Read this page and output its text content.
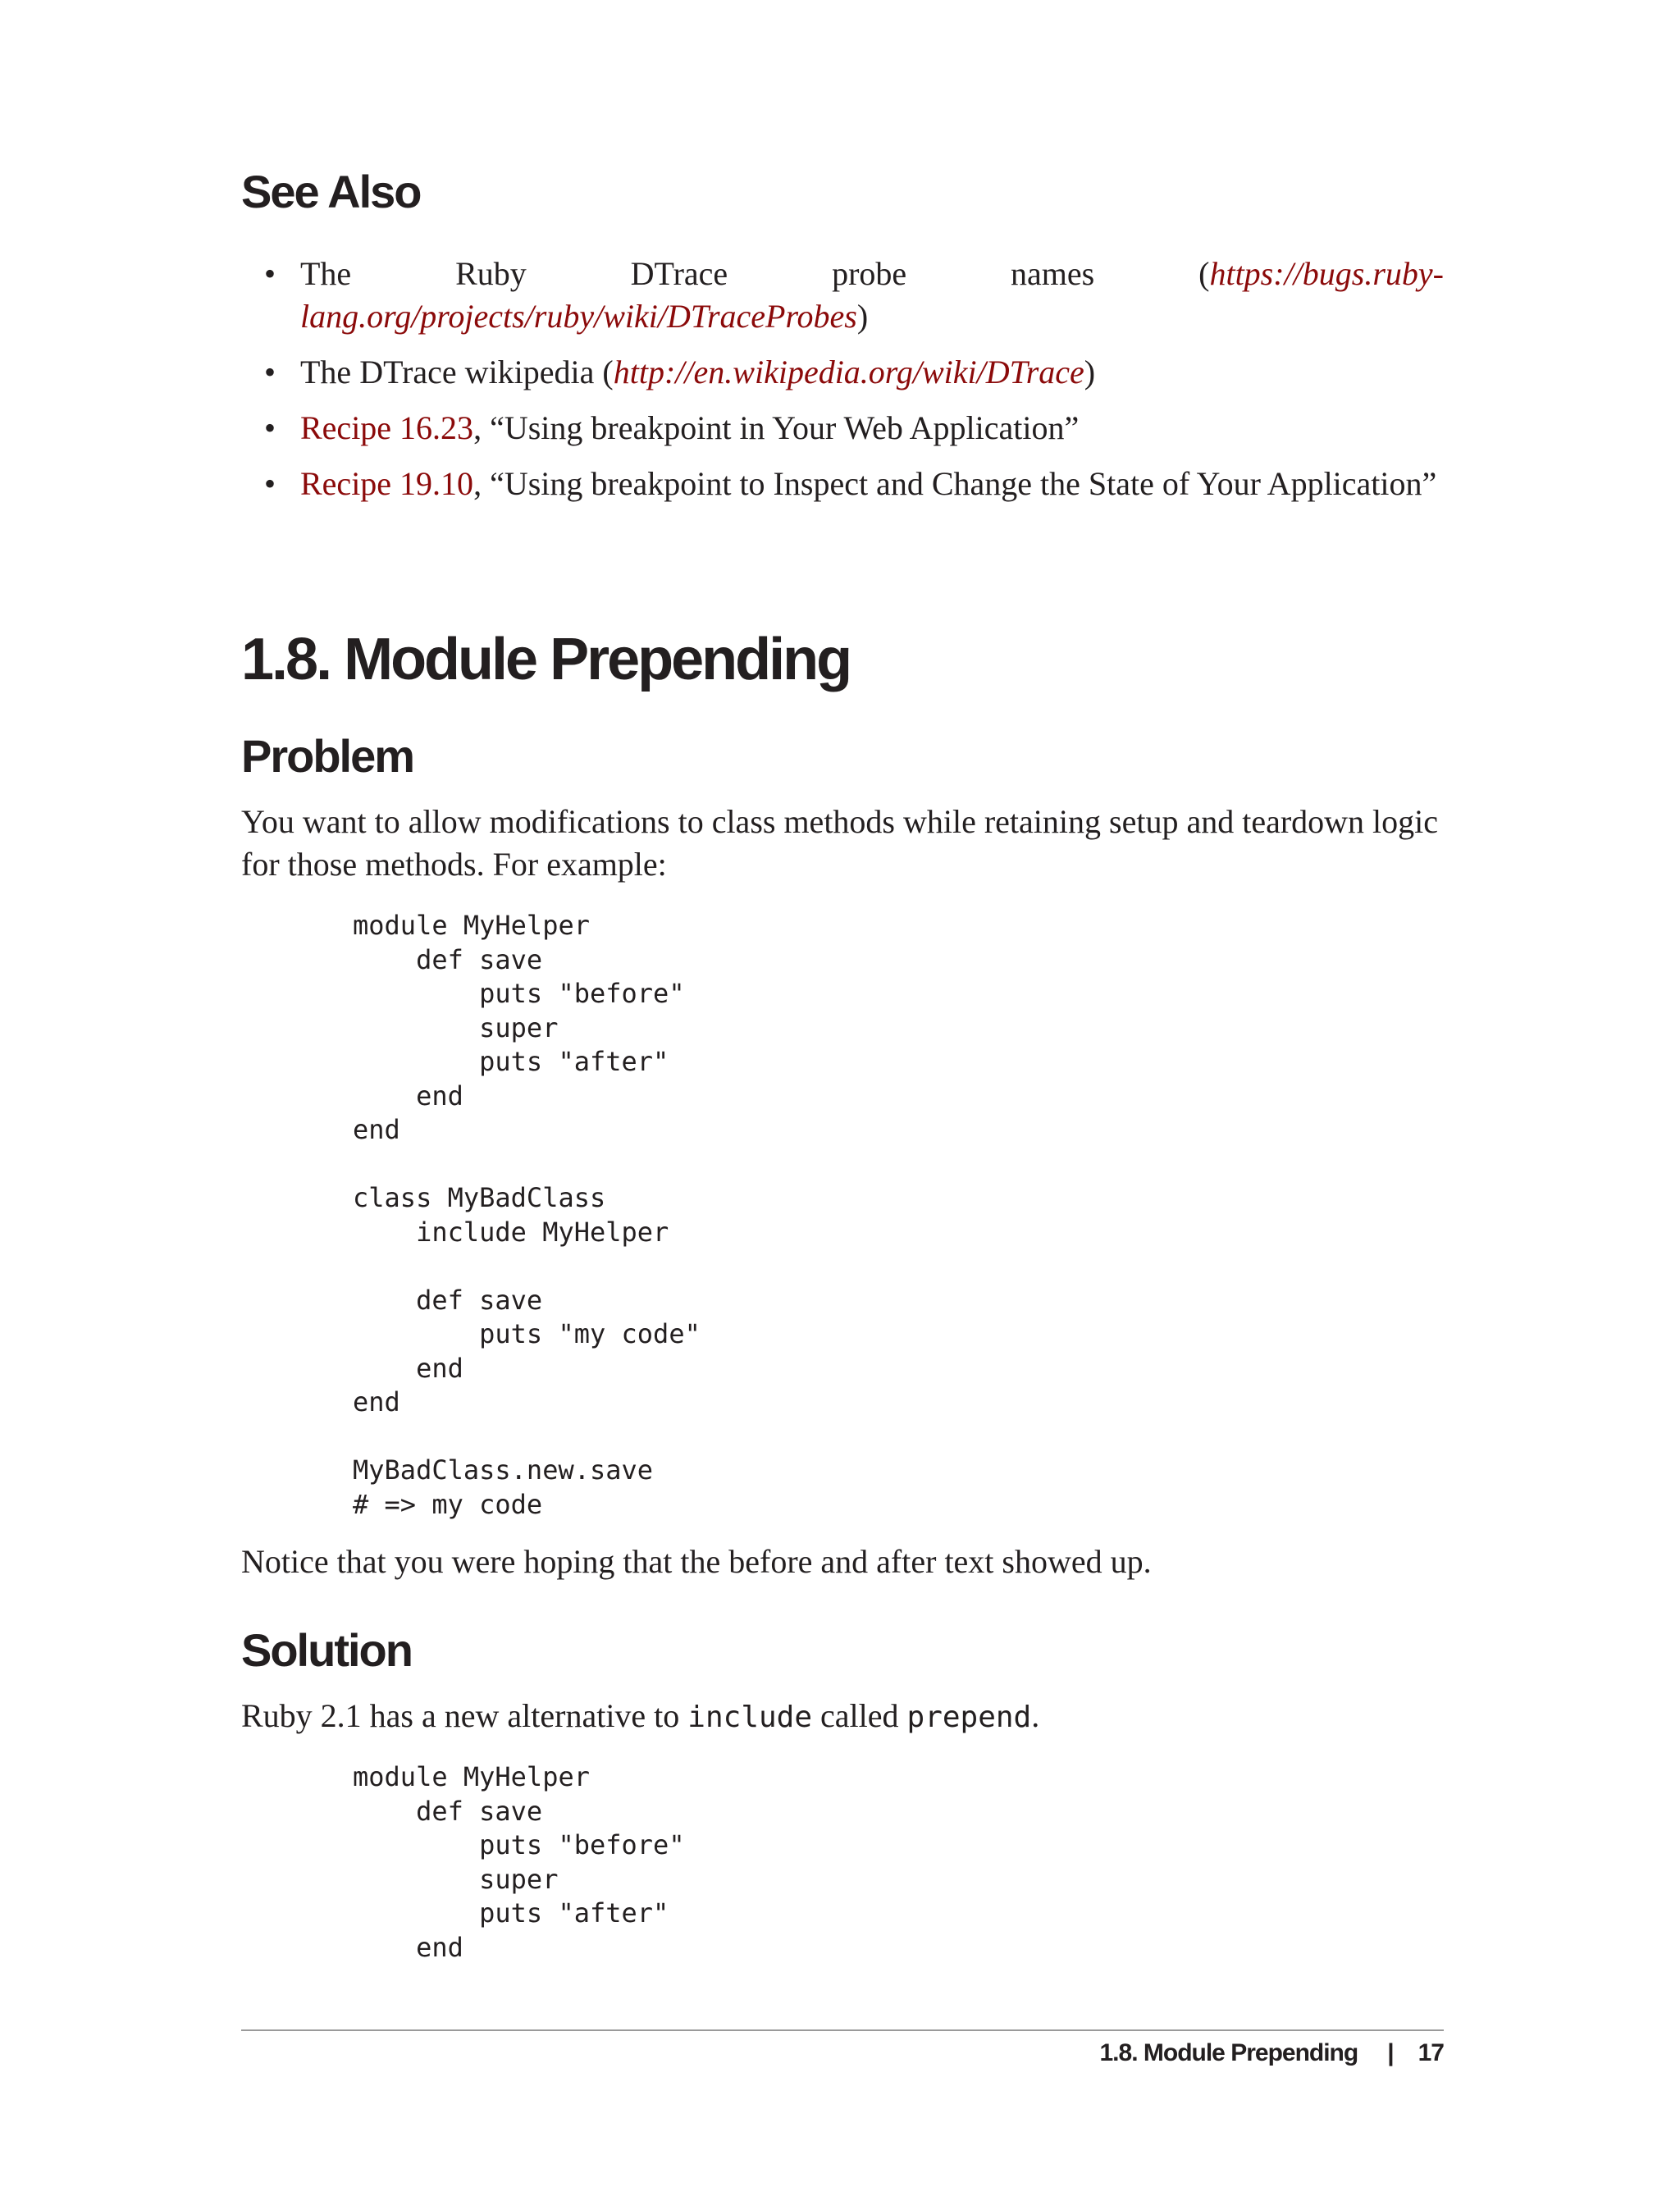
See Also
• The Ruby DTrace probe names (https://bugs.ruby-lang.org/projects/ruby/wiki/DTraceProbes)
• The DTrace wikipedia (http://en.wikipedia.org/wiki/DTrace)
• Recipe 16.23, “Using breakpoint in Your Web Application”
• Recipe 19.10, “Using breakpoint to Inspect and Change the State of Your Application”
1.8. Module Prepending
Problem

You want to allow modifications to class methods while retaining setup and teardown logic for those methods. For example:

module MyHelper
def save
puts "before"
super
puts "after"
end
end

class MyBadClass
include MyHelper

def save
puts "my code"
end
end

MyBadClass.new.save
# => my code

Notice that you were hoping that the before and after text showed up.

Solution

Ruby 2.1 has a new alternative to include called prepend.

module MyHelper
def save
puts "before"
super
puts "after"
end
1.8. Module Prepending | 17
